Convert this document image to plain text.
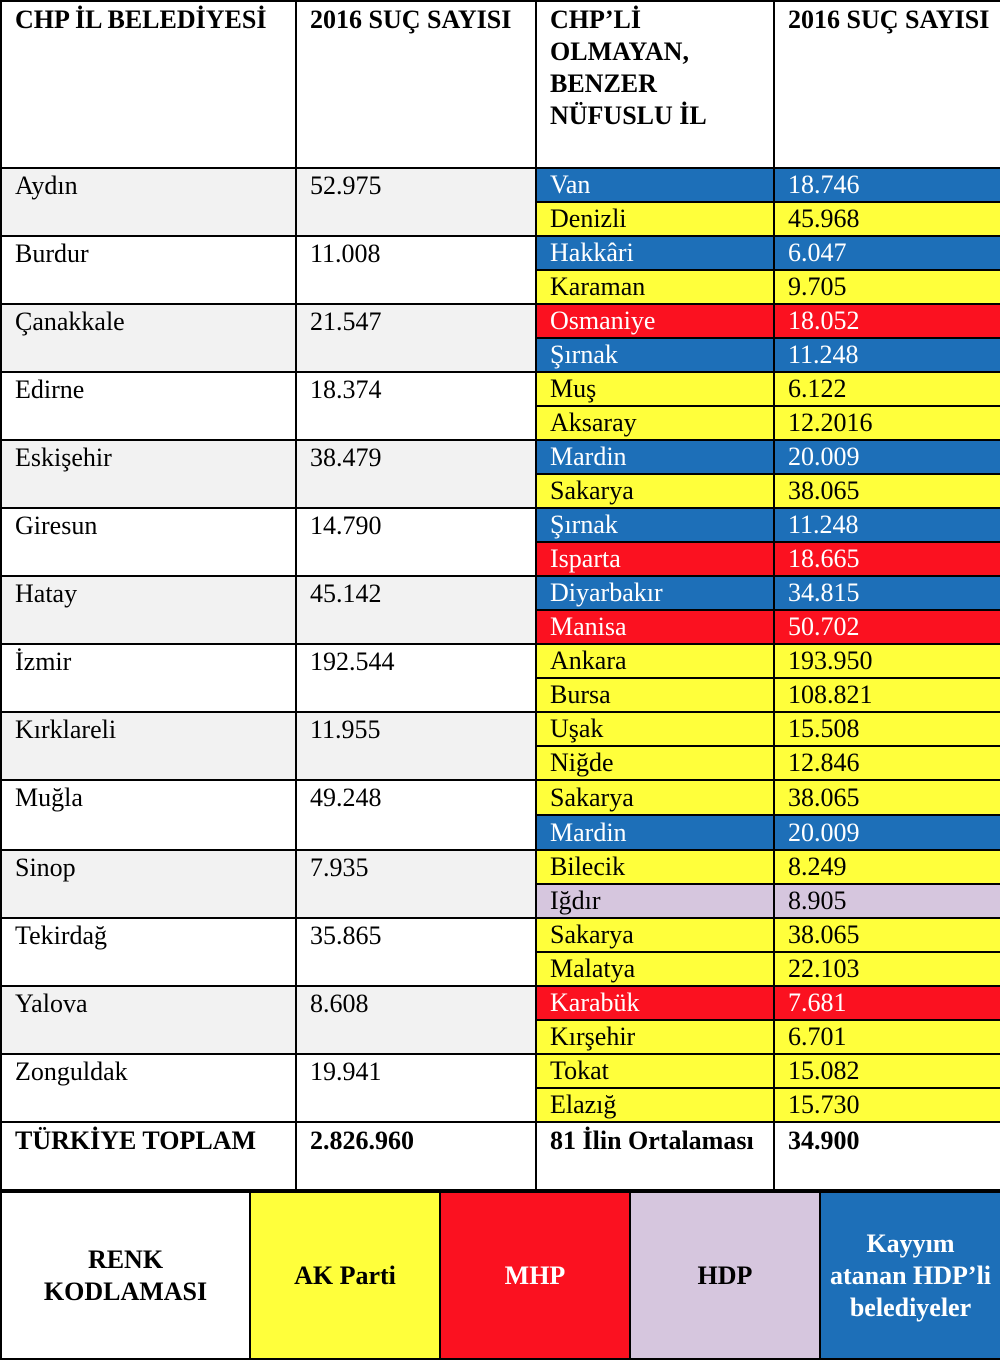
CHP İL BELEDİYESİ	2016 SUÇ SAYISI	CHP’Lİ OLMAYAN, BENZER NÜFUSLU İL	2016 SUÇ SAYISI
Aydın	52.975	Van	18.746
		Denizli	45.968
Burdur	11.008	Hakkâri	6.047
		Karaman	9.705
Çanakkale	21.547	Osmaniye	18.052
		Şırnak	11.248
Edirne	18.374	Muş	6.122
		Aksaray	12.2016
Eskişehir	38.479	Mardin	20.009
		Sakarya	38.065
Giresun	14.790	Şırnak	11.248
		Isparta	18.665
Hatay	45.142	Diyarbakır	34.815
		Manisa	50.702
İzmir	192.544	Ankara	193.950
		Bursa	108.821
Kırklareli	11.955	Uşak	15.508
		Niğde	12.846
Muğla	49.248	Sakarya	38.065
		Mardin	20.009
Sinop	7.935	Bilecik	8.249
		Iğdır	8.905
Tekirdağ	35.865	Sakarya	38.065
		Malatya	22.103
Yalova	8.608	Karabük	7.681
		Kırşehir	6.701
Zonguldak	19.941	Tokat	15.082
		Elazığ	15.730
TÜRKİYE TOPLAM	2.826.960	81 İlin Ortalaması	34.900
RENK KODLAMASI

AK Parti	MHP	HDP

Kayyım atanan HDP’li belediyeler
